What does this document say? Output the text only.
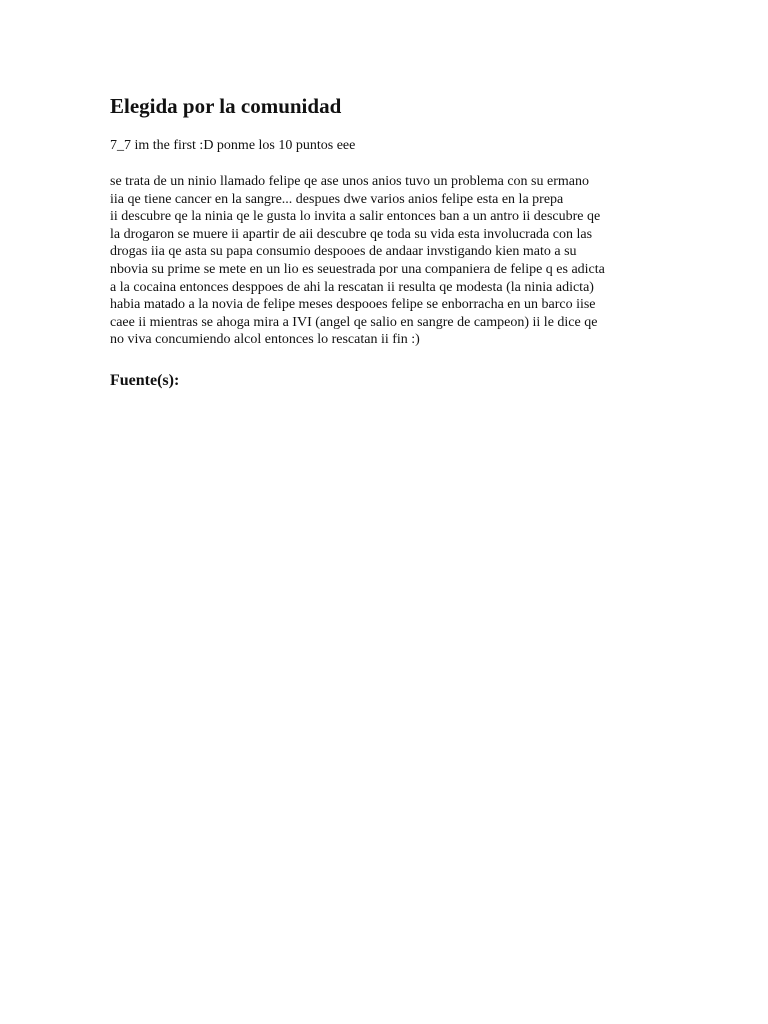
Elegida por la comunidad

7_7 im the first :D ponme los 10 puntos eee

se trata de un ninio llamado felipe qe ase unos anios tuvo un problema con su ermano
iia qe tiene cancer en la sangre... despues dwe varios anios felipe esta en la prepa
ii descubre qe la ninia qe le gusta lo invita a salir entonces ban a un antro ii descubre qe
la drogaron se muere ii apartir de aii descubre qe toda su vida esta involucrada con las
drogas iia qe asta su papa consumio despooes de andaar invstigando kien mato a su
nbovia su prime se mete en un lio es seuestrada por una companiera de felipe q es adicta
a la cocaina entonces desppoes de ahi la rescatan ii resulta qe modesta (la ninia adicta)
habia matado a la novia de felipe meses despooes felipe se enborracha en un barco iise
caee ii mientras se ahoga mira a IVI (angel qe salio en sangre de campeon) ii le dice qe
no viva concumiendo alcol entonces lo rescatan ii fin :)
Fuente(s):
